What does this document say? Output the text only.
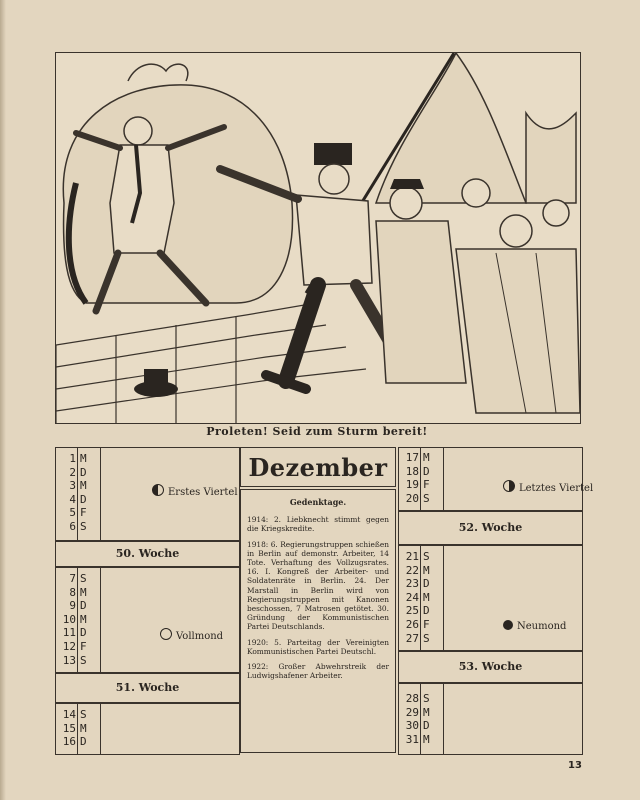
Proleten! Seid zum Sturm bereit!
1 M
2 D
3 M
4 D
5 F
6 S
Erstes Viertel
50. Woche
7 S
8 M
9 D
10 M
11 D
12 F
13 S
Vollmond
51. Woche
14 S
15 M
16 D
Dezember
Gedenktage.

1914: 2. Liebknecht stimmt gegen die Kriegskredite.

1918: 6. Regierungstruppen schießen in Berlin auf demonstr. Arbeiter, 14 Tote. Verhaftung des Vollzugsrates. 16. I. Kongreß der Arbeiter- und Soldatenräte in Berlin. 24. Der Marstall in Berlin wird von Regierungstruppen mit Kanonen beschossen, 7 Matrosen getötet. 30. Gründung der Kommunistischen Partei Deutschlands.

1920: 5. Parteitag der Vereinigten Kommunistischen Partei Deutschl.

1922: Großer Abwehrstreik der Ludwigshafener Arbeiter.

17 M
18 D
19 F
20 S
Letztes Viertel
52. Woche
21 S
22 M
23 D
24 M
25 D
26 F
27 S
Neumond
53. Woche
28 S
29 M
30 D
31 M
13
